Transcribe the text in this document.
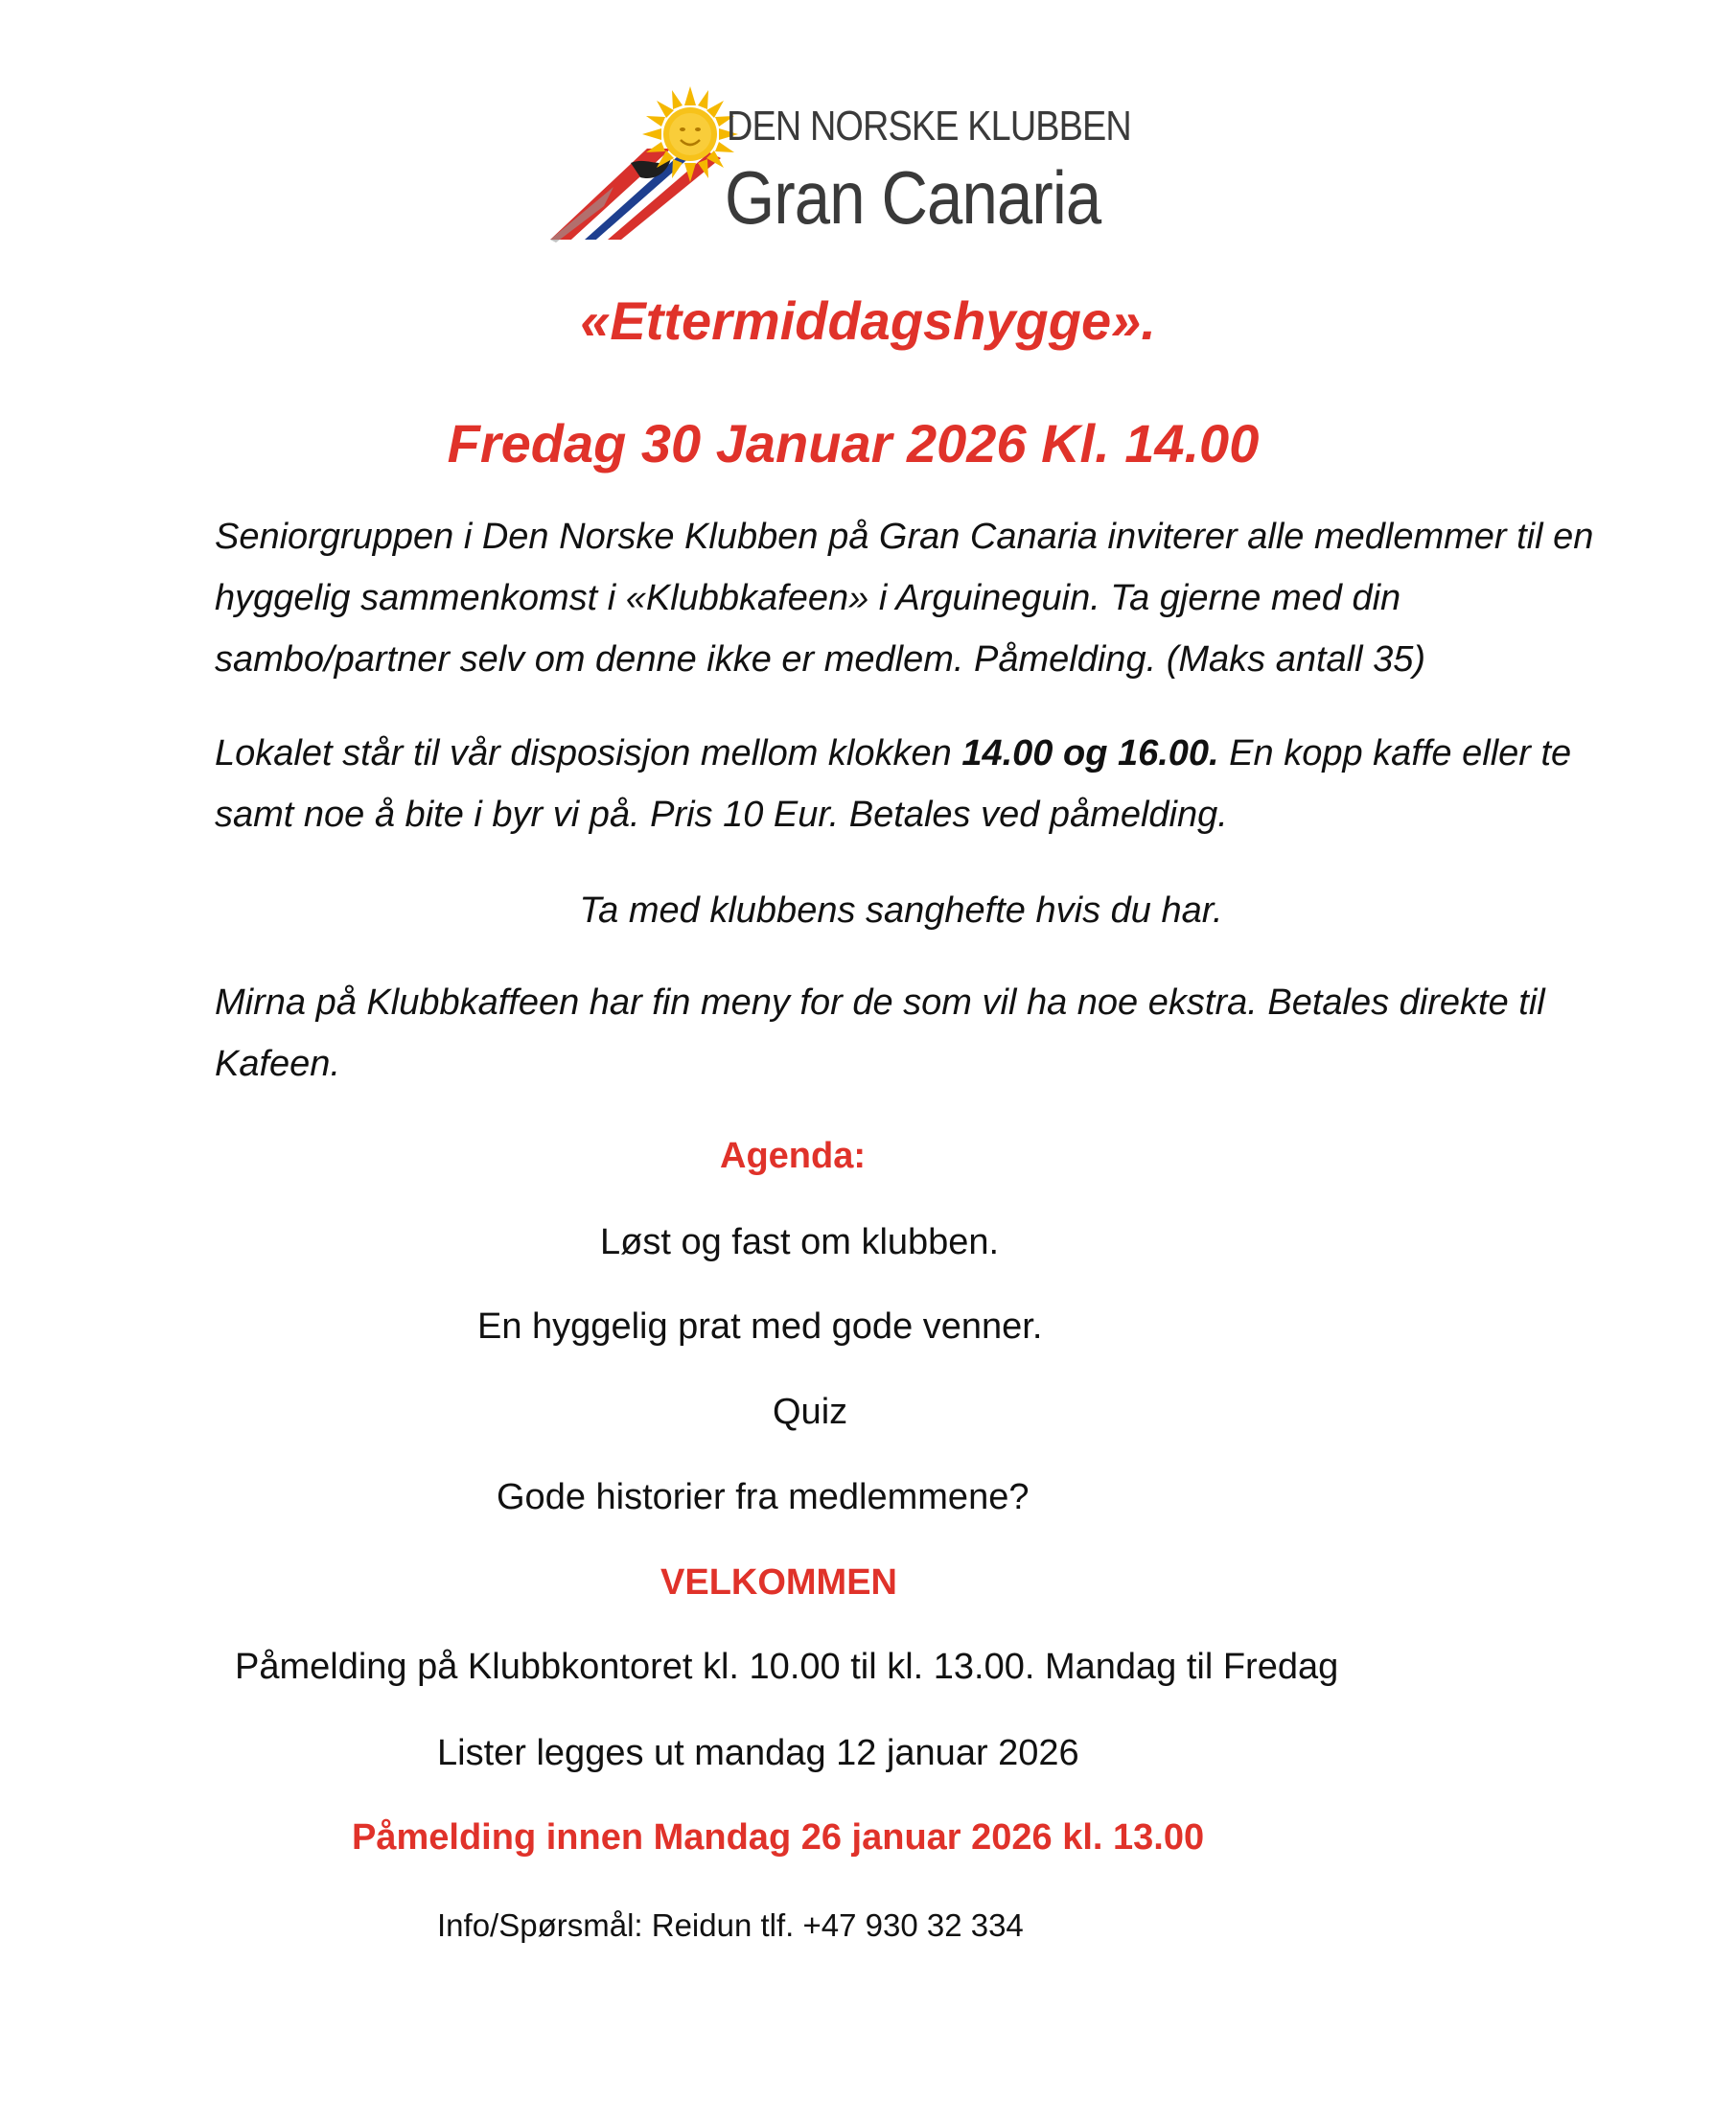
DEN NORSKE KLUBBEN
Gran Canaria
«Ettermiddagshygge».
Fredag 30 Januar 2026 Kl. 14.00
Seniorgruppen i Den Norske Klubben på Gran Canaria inviterer alle medlemmer til en hyggelig sammenkomst i «Klubbkafeen» i Arguineguin. Ta gjerne med din sambo/partner selv om denne ikke er medlem. Påmelding. (Maks antall 35)
Lokalet står til vår disposisjon mellom klokken 14.00 og 16.00. En kopp kaffe eller te samt noe å bite i byr vi på. Pris 10 Eur. Betales ved påmelding.
Ta med klubbens sanghefte hvis du har.
Mirna på Klubbkaffeen har fin meny for de som vil ha noe ekstra. Betales direkte til Kafeen.
Agenda:
Løst og fast om klubben.
En hyggelig prat med gode venner.
Quiz
Gode historier fra medlemmene?
VELKOMMEN
Påmelding på Klubbkontoret kl. 10.00 til kl. 13.00. Mandag til Fredag
Lister legges ut mandag 12 januar 2026
Påmelding innen Mandag 26 januar 2026 kl. 13.00
Info/Spørsmål: Reidun tlf. +47 930 32 334
